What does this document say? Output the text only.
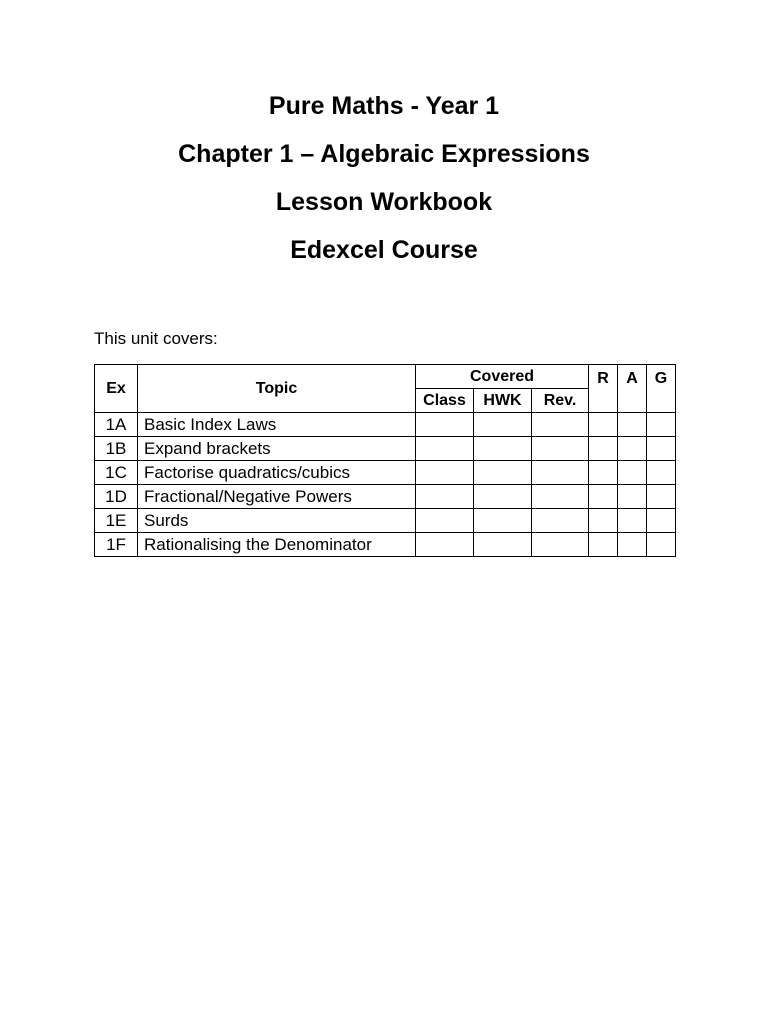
Pure Maths - Year 1

Chapter 1 – Algebraic Expressions

Lesson Workbook

Edexcel Course

This unit covers:

Ex	Topic	Covered			R	A	G
		Class	HWK	Rev.			
1A	Basic Index Laws						
1B	Expand brackets						
1C	Factorise quadratics/cubics						
1D	Fractional/Negative Powers						
1E	Surds						
1F	Rationalising the Denominator						
